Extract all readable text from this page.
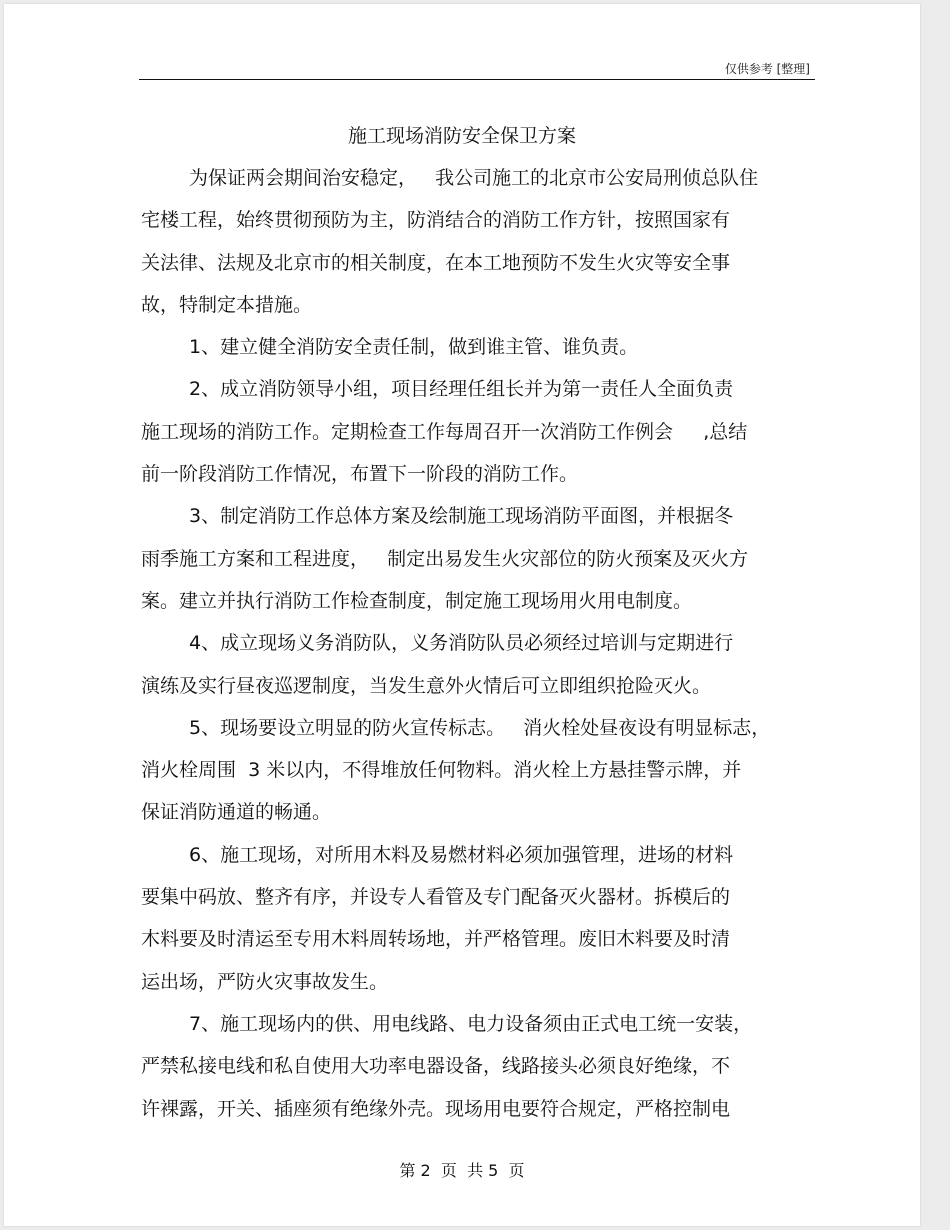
仅供参考 [整理]
施工现场消防安全保卫方案
为保证两会期间治安稳定，   我公司施工的北京市公安局刑侦总队住
宅楼工程，始终贯彻预防为主，防消结合的消防工作方针，按照国家有
关法律、法规及北京市的相关制度，在本工地预防不发生火灾等安全事
故，特制定本措施。
1、建立健全消防安全责任制，做到谁主管、谁负责。
2、成立消防领导小组，项目经理任组长并为第一责任人全面负责
施工现场的消防工作。定期检查工作每周召开一次消防工作例会     ,总结
前一阶段消防工作情况，布置下一阶段的消防工作。
3、制定消防工作总体方案及绘制施工现场消防平面图，并根据冬
雨季施工方案和工程进度，   制定出易发生火灾部位的防火预案及灭火方
案。建立并执行消防工作检查制度，制定施工现场用火用电制度。
4、成立现场义务消防队，义务消防队员必须经过培训与定期进行
演练及实行昼夜巡逻制度，当发生意外火情后可立即组织抢险灭火。
5、现场要设立明显的防火宣传标志。   消火栓处昼夜设有明显标志，
消火栓周围  3 米以内，不得堆放任何物料。消火栓上方悬挂警示牌，并
保证消防通道的畅通。
6、施工现场，对所用木料及易燃材料必须加强管理，进场的材料
要集中码放、整齐有序，并设专人看管及专门配备灭火器材。拆模后的
木料要及时清运至专用木料周转场地，并严格管理。废旧木料要及时清
运出场，严防火灾事故发生。
7、施工现场内的供、用电线路、电力设备须由正式电工统一安装，
严禁私接电线和私自使用大功率电器设备，线路接头必须良好绝缘，不
许裸露，开关、插座须有绝缘外壳。现场用电要符合规定，严格控制电
第 2  页  共 5  页
